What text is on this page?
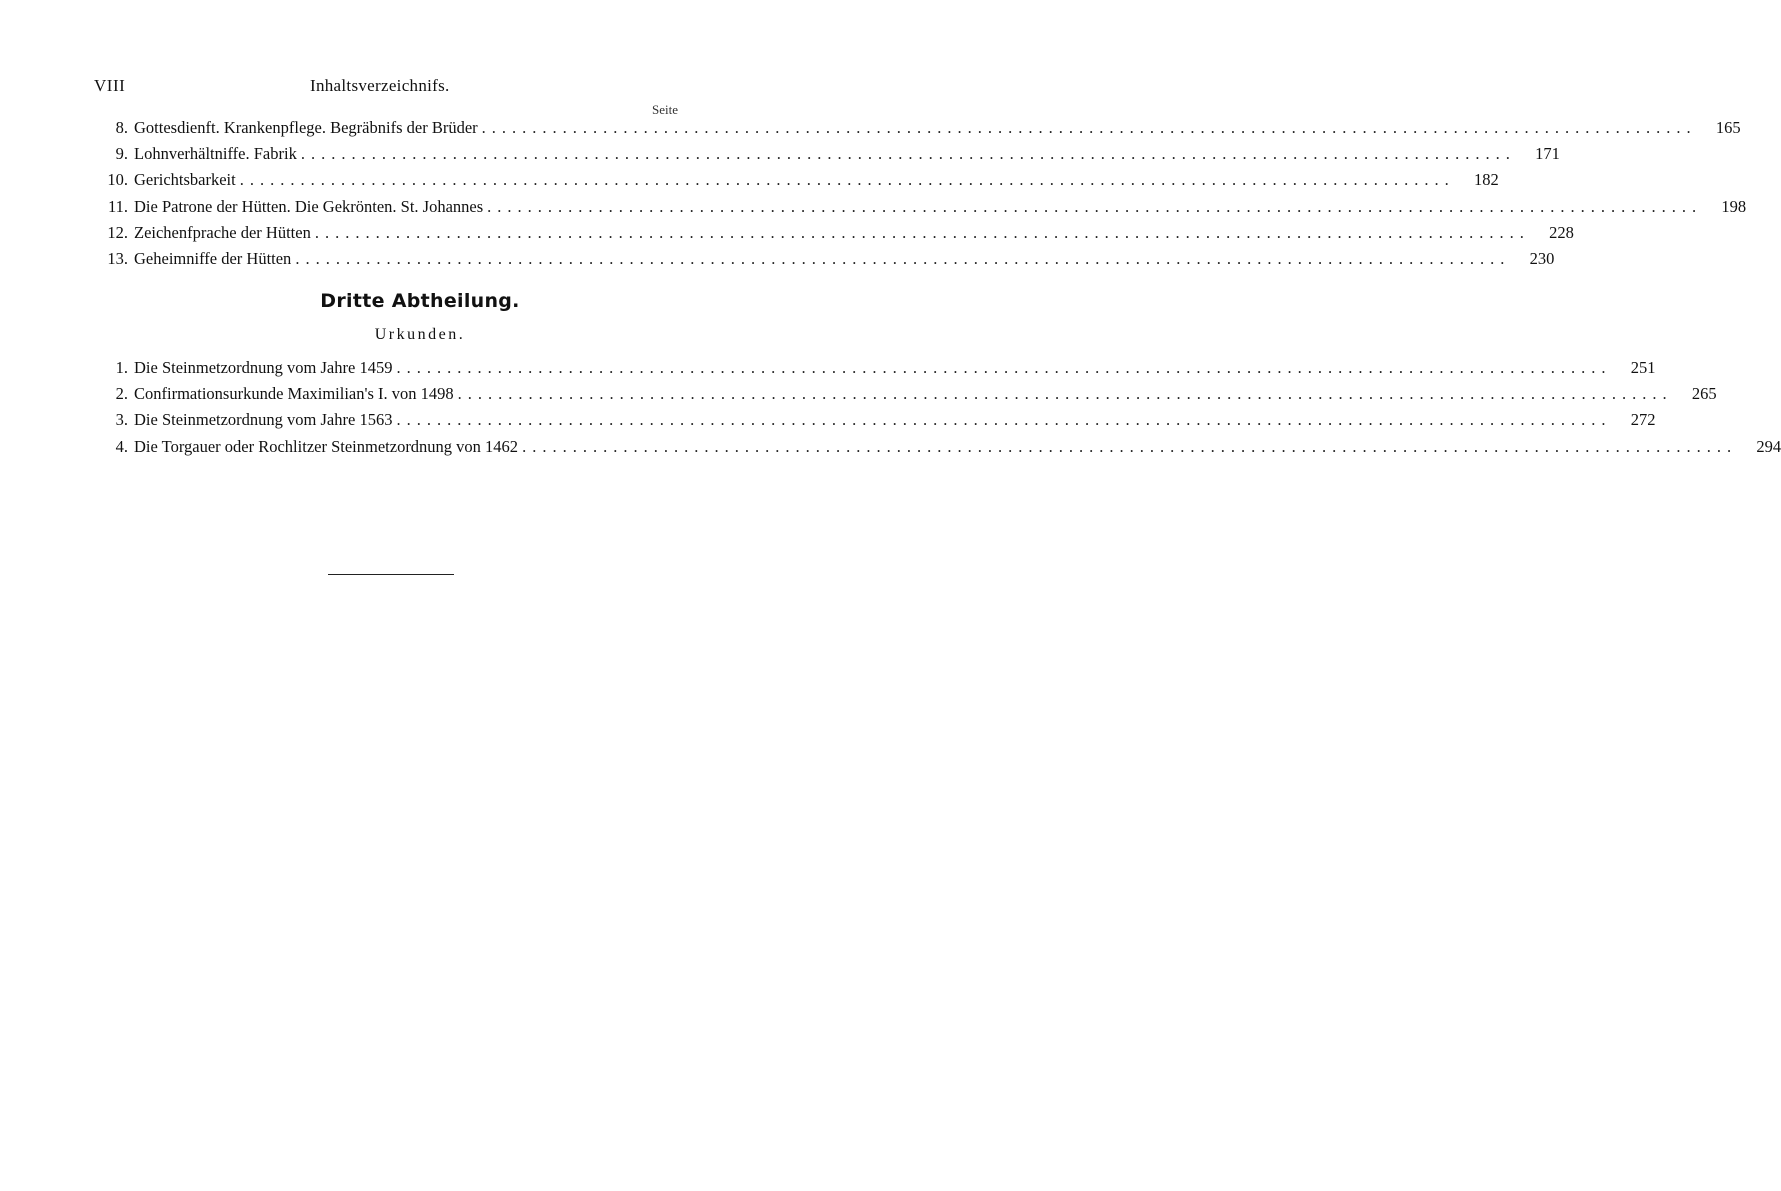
VIII	Inhaltsverzeichnifs.
Seite
8. Gottesdienft. Krankenpflege. Begräbnifs der Brüder ........................................................................................................................	165
9. Lohnverhältniffe. Fabrik ........................................................................................................................	171
10. Gerichtsbarkeit ........................................................................................................................	182
11. Die Patrone der Hütten. Die Gekrönten. St. Johannes ........................................................................................................................	198
12. Zeichenfprache der Hütten ........................................................................................................................	228
13. Geheimniffe der Hütten ........................................................................................................................	230
Dritte Abtheilung.
Urkunden.
1. Die Steinmetzordnung vom Jahre 1459 ........................................................................................................................	251
2. Confirmationsurkunde Maximilian's I. von 1498 ........................................................................................................................	265
3. Die Steinmetzordnung vom Jahre 1563 ........................................................................................................................	272
4. Die Torgauer oder Rochlitzer Steinmetzordnung von 1462 ........................................................................................................................	294
